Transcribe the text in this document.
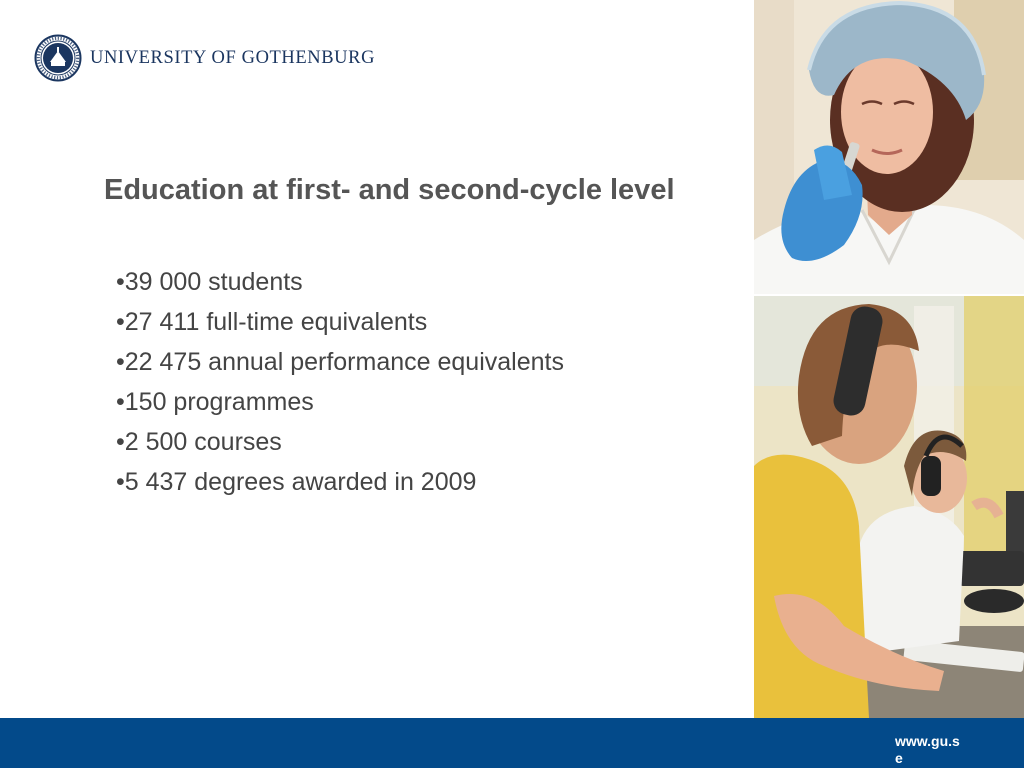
UNIVERSITY OF GOTHENBURG
Education at first- and second-cycle level
• 39 000 students
• 27 411 full-time equivalents
• 22 475 annual performance equivalents
• 150 programmes
• 2 500 courses
• 5 437 degrees awarded in 2009
www.gu.se
